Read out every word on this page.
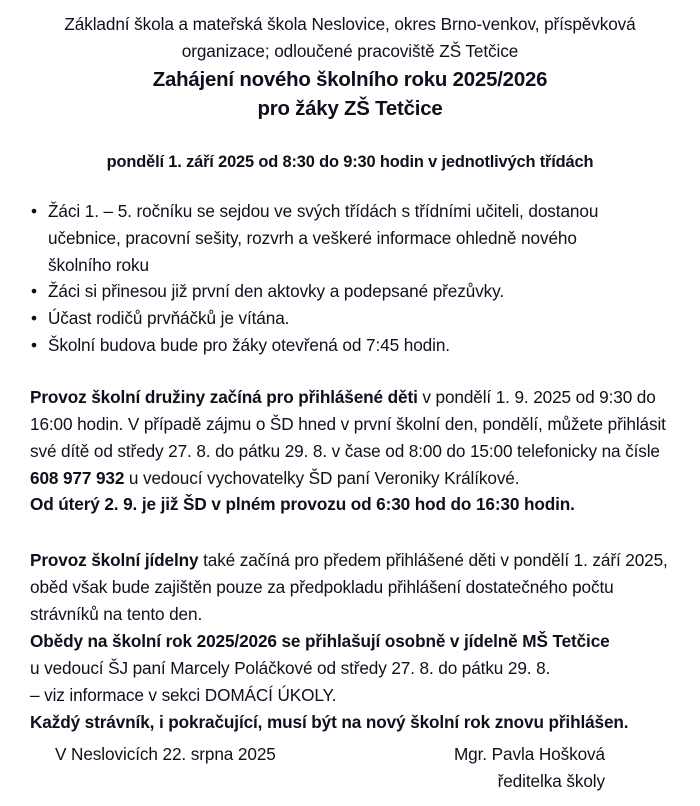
Základní škola a mateřská škola Neslovice, okres Brno-venkov, příspěvková
organizace; odloučené pracoviště ZŠ Tetčice
Zahájení nového školního roku 2025/2026
pro žáky ZŠ Tetčice
pondělí 1. září 2025 od 8:30 do 9:30 hodin v jednotlivých třídách
• Žáci 1. – 5. ročníku se sejdou ve svých třídách s třídními učiteli, dostanou učebnice, pracovní sešity, rozvrh a veškeré informace ohledně nového školního roku
• Žáci si přinesou již první den aktovky a podepsané přezůvky.
• Účast rodičů prvňáčků je vítána.
• Školní budova bude pro žáky otevřená od 7:45 hodin.
Provoz školní družiny začíná pro přihlášené děti v pondělí 1. 9. 2025 od 9:30 do 16:00 hodin. V případě zájmu o ŠD hned v první školní den, pondělí, můžete přihlásit své dítě od středy 27. 8. do pátku 29. 8. v čase od 8:00 do 15:00 telefonicky na čísle 608 977 932 u vedoucí vychovatelky ŠD paní Veroniky Králíkové.
Od úterý 2. 9. je již ŠD v plném provozu od 6:30 hod do 16:30 hodin.
Provoz školní jídelny také začíná pro předem přihlášené děti v pondělí 1. září 2025, oběd však bude zajištěn pouze za předpokladu přihlášení dostatečného počtu strávníků na tento den.
Obědy na školní rok 2025/2026 se přihlašují osobně v jídelně MŠ Tetčice
u vedoucí ŠJ paní Marcely Poláčkové od středy 27. 8. do pátku 29. 8.
– viz informace v sekci DOMÁCÍ ÚKOLY.
Každý strávník, i pokračující, musí být na nový školní rok znovu přihlášen.
V Neslovicích 22. srpna 2025	Mgr. Pavla Hošková
ředitelka školy
